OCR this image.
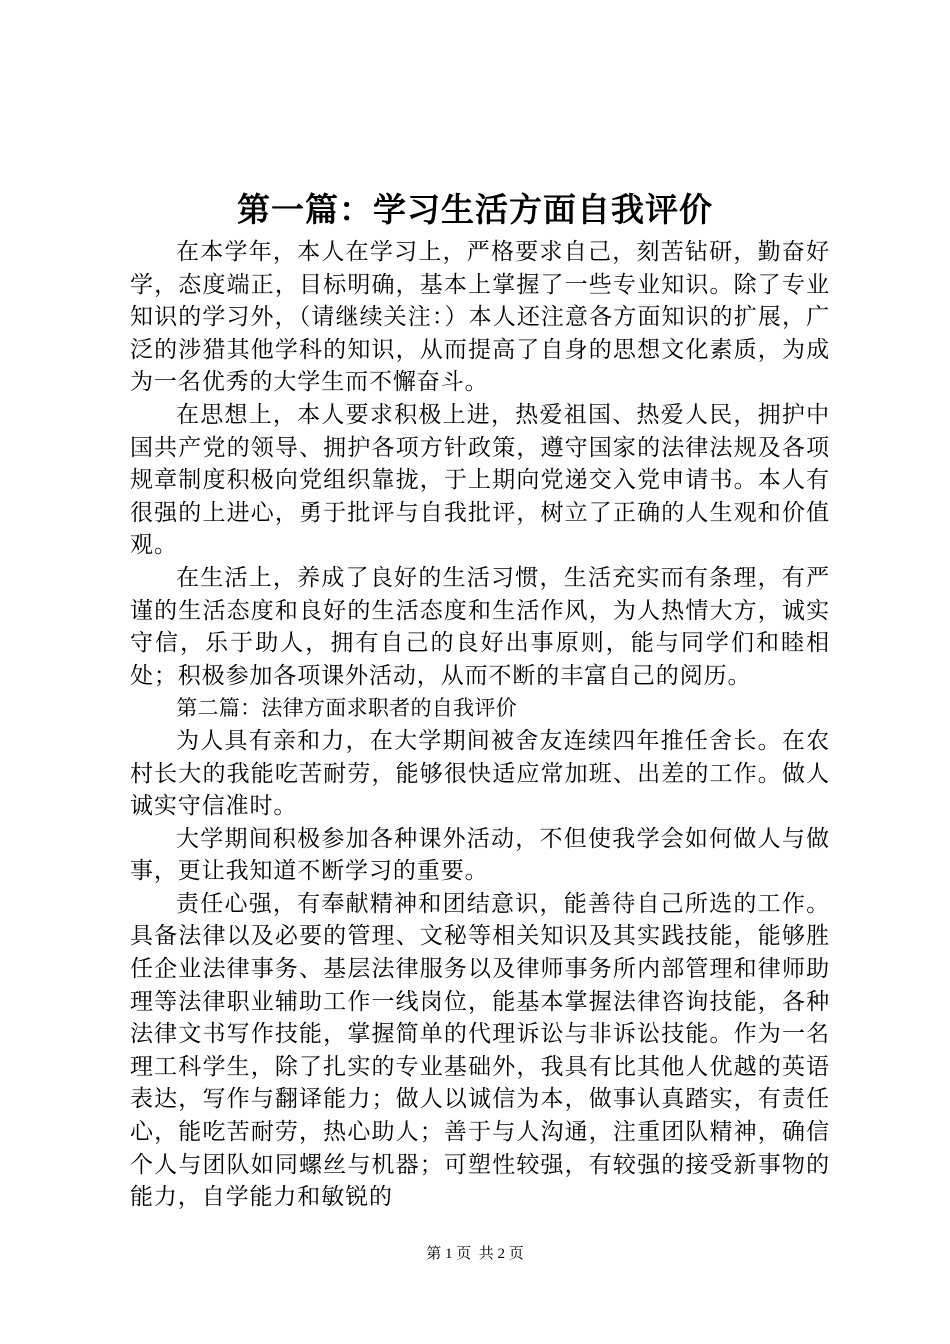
第一篇：学习生活方面自我评价

在本学年，本人在学习上，严格要求自己，刻苦钻研，勤奋好学，态度端正，目标明确，基本上掌握了一些专业知识。除了专业知识的学习外，（请继续关注：）本人还注意各方面知识的扩展，广泛的涉猎其他学科的知识，从而提高了自身的思想文化素质，为成为一名优秀的大学生而不懈奋斗。

在思想上，本人要求积极上进，热爱祖国、热爱人民，拥护中国共产党的领导、拥护各项方针政策，遵守国家的法律法规及各项规章制度积极向党组织靠拢，于上期向党递交入党申请书。本人有很强的上进心，勇于批评与自我批评，树立了正确的人生观和价值观。

在生活上，养成了良好的生活习惯，生活充实而有条理，有严谨的生活态度和良好的生活态度和生活作风，为人热情大方，诚实守信，乐于助人，拥有自己的良好出事原则，能与同学们和睦相处；积极参加各项课外活动，从而不断的丰富自己的阅历。

第二篇：法律方面求职者的自我评价

为人具有亲和力，在大学期间被舍友连续四年推任舍长。在农村长大的我能吃苦耐劳，能够很快适应常加班、出差的工作。做人诚实守信准时。

大学期间积极参加各种课外活动，不但使我学会如何做人与做事，更让我知道不断学习的重要。

责任心强，有奉献精神和团结意识，能善待自己所选的工作。具备法律以及必要的管理、文秘等相关知识及其实践技能，能够胜任企业法律事务、基层法律服务以及律师事务所内部管理和律师助理等法律职业辅助工作一线岗位，能基本掌握法律咨询技能，各种法律文书写作技能，掌握简单的代理诉讼与非诉讼技能。作为一名理工科学生，除了扎实的专业基础外，我具有比其他人优越的英语表达，写作与翻译能力；做人以诚信为本，做事认真踏实，有责任心，能吃苦耐劳，热心助人；善于与人沟通，注重团队精神，确信个人与团队如同螺丝与机器；可塑性较强，有较强的接受新事物的能力，自学能力和敏锐的

第 1 页  共 2 页
